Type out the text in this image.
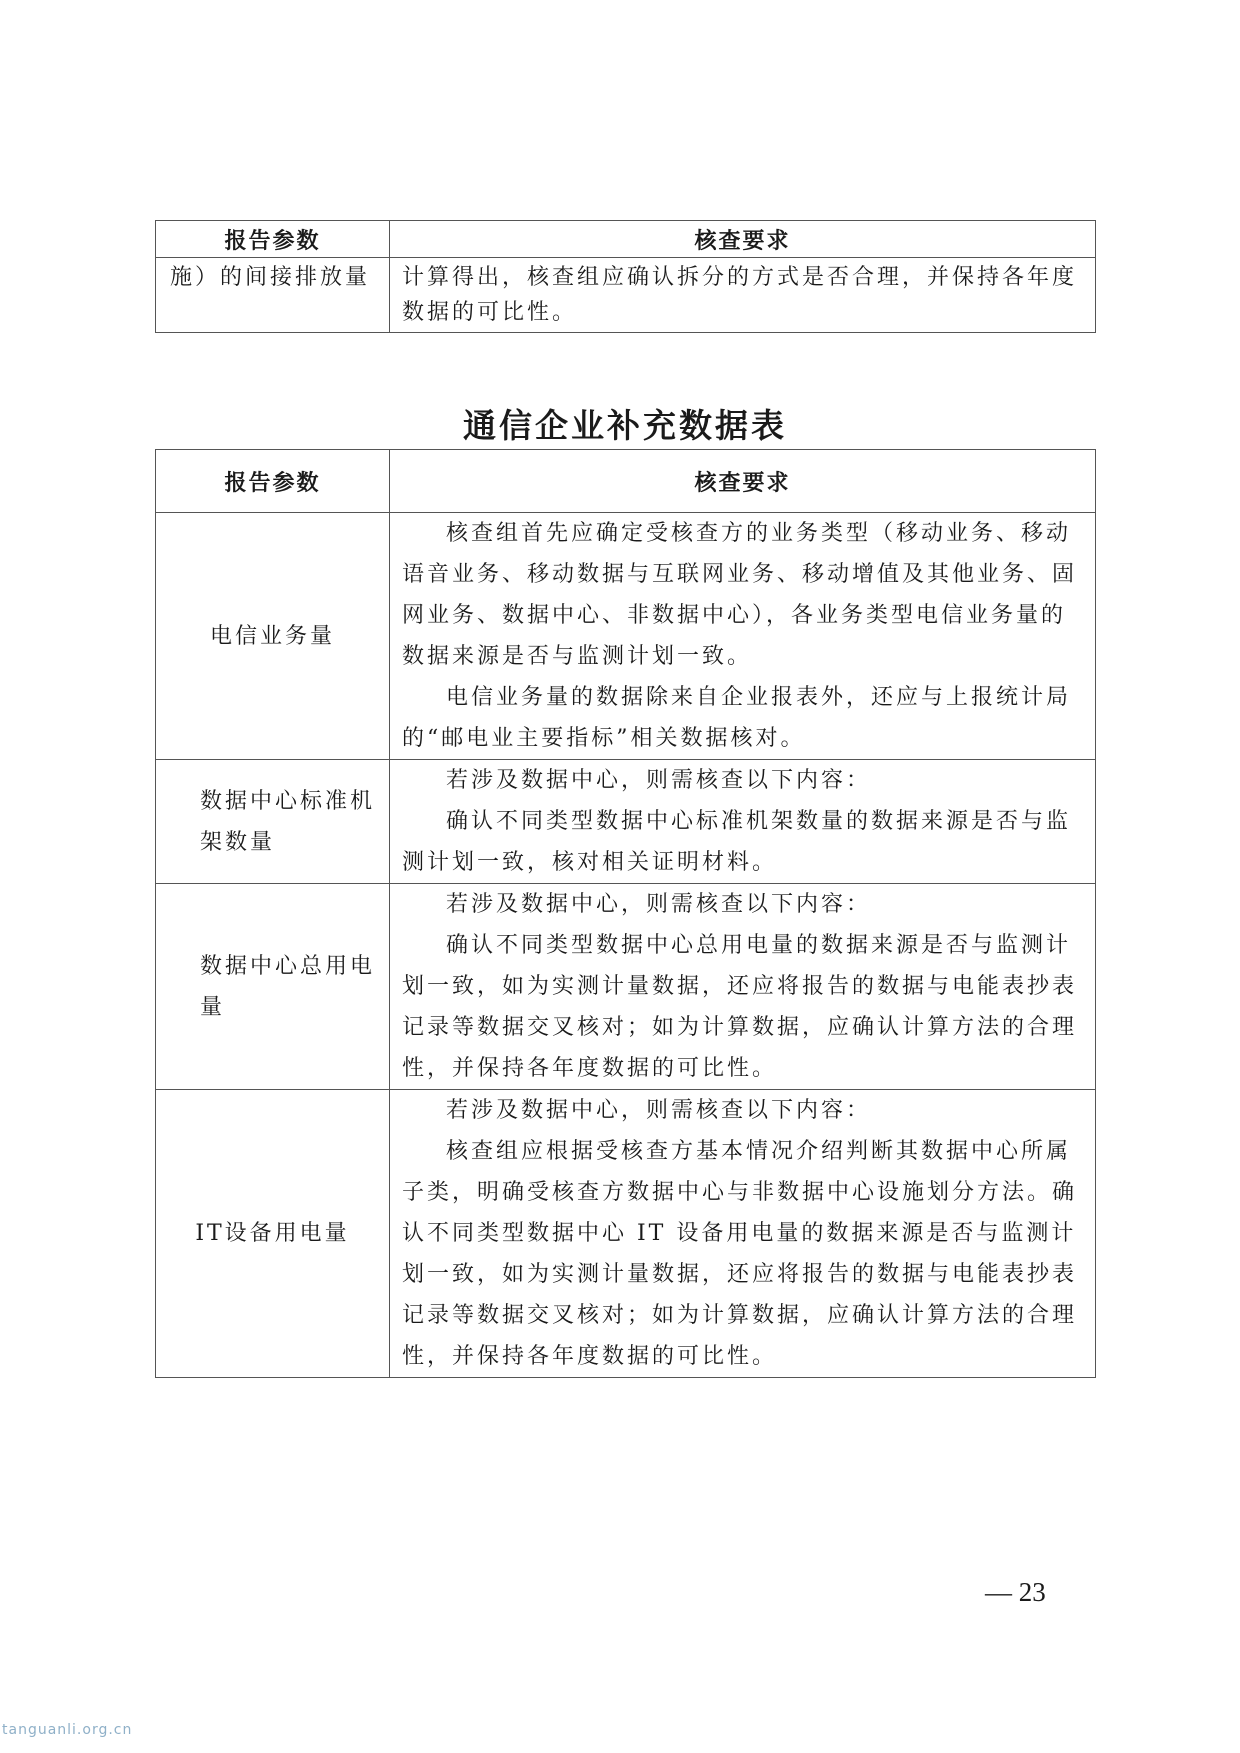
报告参数	核查要求
施）的间接排放量	计算得出，核查组应确认拆分的方式是否合理，并保持各年度数据的可比性。

通信企业补充数据表
报告参数	核查要求
电信业务量	核查组首先应确定受核查方的业务类型（移动业务、移动语音业务、移动数据与互联网业务、移动增值及其他业务、固网业务、数据中心、非数据中心），各业务类型电信业务量的数据来源是否与监测计划一致。

电信业务量的数据除来自企业报表外，还应与上报统计局的“邮电业主要指标”相关数据核对。

数据中心标准机架数量	若涉及数据中心，则需核查以下内容：

确认不同类型数据中心标准机架数量的数据来源是否与监测计划一致，核对相关证明材料。

数据中心总用电量	若涉及数据中心，则需核查以下内容：

确认不同类型数据中心总用电量的数据来源是否与监测计划一致，如为实测计量数据，还应将报告的数据与电能表抄表记录等数据交叉核对；如为计算数据，应确认计算方法的合理性，并保持各年度数据的可比性。

IT设备用电量	若涉及数据中心，则需核查以下内容：

核查组应根据受核查方基本情况介绍判断其数据中心所属子类，明确受核查方数据中心与非数据中心设施划分方法。确认不同类型数据中心 IT 设备用电量的数据来源是否与监测计划一致，如为实测计量数据，还应将报告的数据与电能表抄表记录等数据交叉核对；如为计算数据，应确认计算方法的合理性，并保持各年度数据的可比性。

— 23
tanguanli.org.cn
